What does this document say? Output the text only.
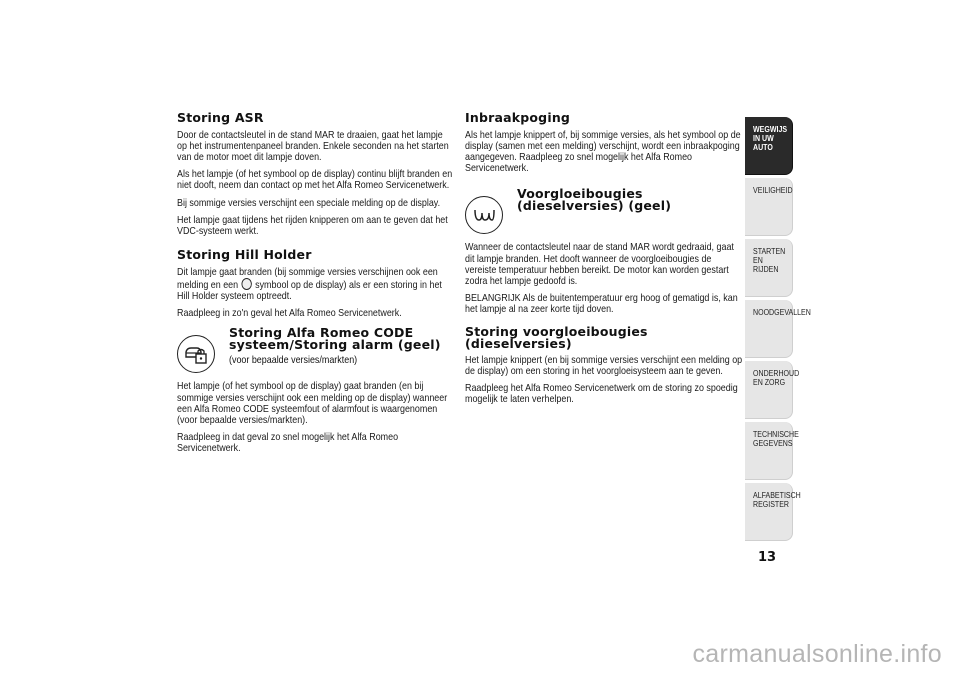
Storing ASR

Door de contactsleutel in de stand MAR te draaien, gaat het lampje op het instrumentenpaneel branden. Enkele seconden na het starten van de motor moet dit lampje doven.

Als het lampje (of het symbool op de display) continu blijft branden en niet dooft, neem dan contact op met het Alfa Romeo Servicenetwerk.

Bij sommige versies verschijnt een speciale melding op de display.

Het lampje gaat tijdens het rijden knipperen om aan te geven dat het VDC-systeem werkt.

Storing Hill Holder

Dit lampje gaat branden (bij sommige versies verschijnen ook een melding en een symbool op de display) als er een storing in het Hill Holder systeem optreedt.

Raadpleeg in zo'n geval het Alfa Romeo Servicenetwerk.

Storing Alfa Romeo CODE systeem/Storing alarm (geel)
(voor bepaalde versies/markten)

Het lampje (of het symbool op de display) gaat branden (en bij sommige versies verschijnt ook een melding op de display) wanneer een Alfa Romeo CODE systeemfout of alarmfout is waargenomen (voor bepaalde versies/markten).

Raadpleeg in dat geval zo snel mogelijk het Alfa Romeo Servicenetwerk.

Inbraakpoging

Als het lampje knippert of, bij sommige versies, als het symbool op de display (samen met een melding) verschijnt, wordt een inbraakpoging aangegeven. Raadpleeg zo snel mogelijk het Alfa Romeo Servicenetwerk.

Voorgloeibougies (dieselversies) (geel)

Wanneer de contactsleutel naar de stand MAR wordt gedraaid, gaat dit lampje branden. Het dooft wanneer de voorgloeibougies de vereiste temperatuur hebben bereikt. De motor kan worden gestart zodra het lampje gedoofd is.

BELANGRIJK Als de buitentemperatuur erg hoog of gematigd is, kan het lampje al na zeer korte tijd doven.

Storing voorgloeibougies (dieselversies)

Het lampje knippert (en bij sommige versies verschijnt een melding op de display) om een storing in het voorgloeisysteem aan te geven.

Raadpleeg het Alfa Romeo Servicenetwerk om de storing zo spoedig mogelijk te laten verhelpen.

WEGWIJS IN UW AUTO
VEILIGHEID
STARTEN EN RIJDEN
NOODGEVALLEN
ONDERHOUD EN ZORG
TECHNISCHE GEGEVENS
ALFABETISCH REGISTER
13
carmanualsonline.info
